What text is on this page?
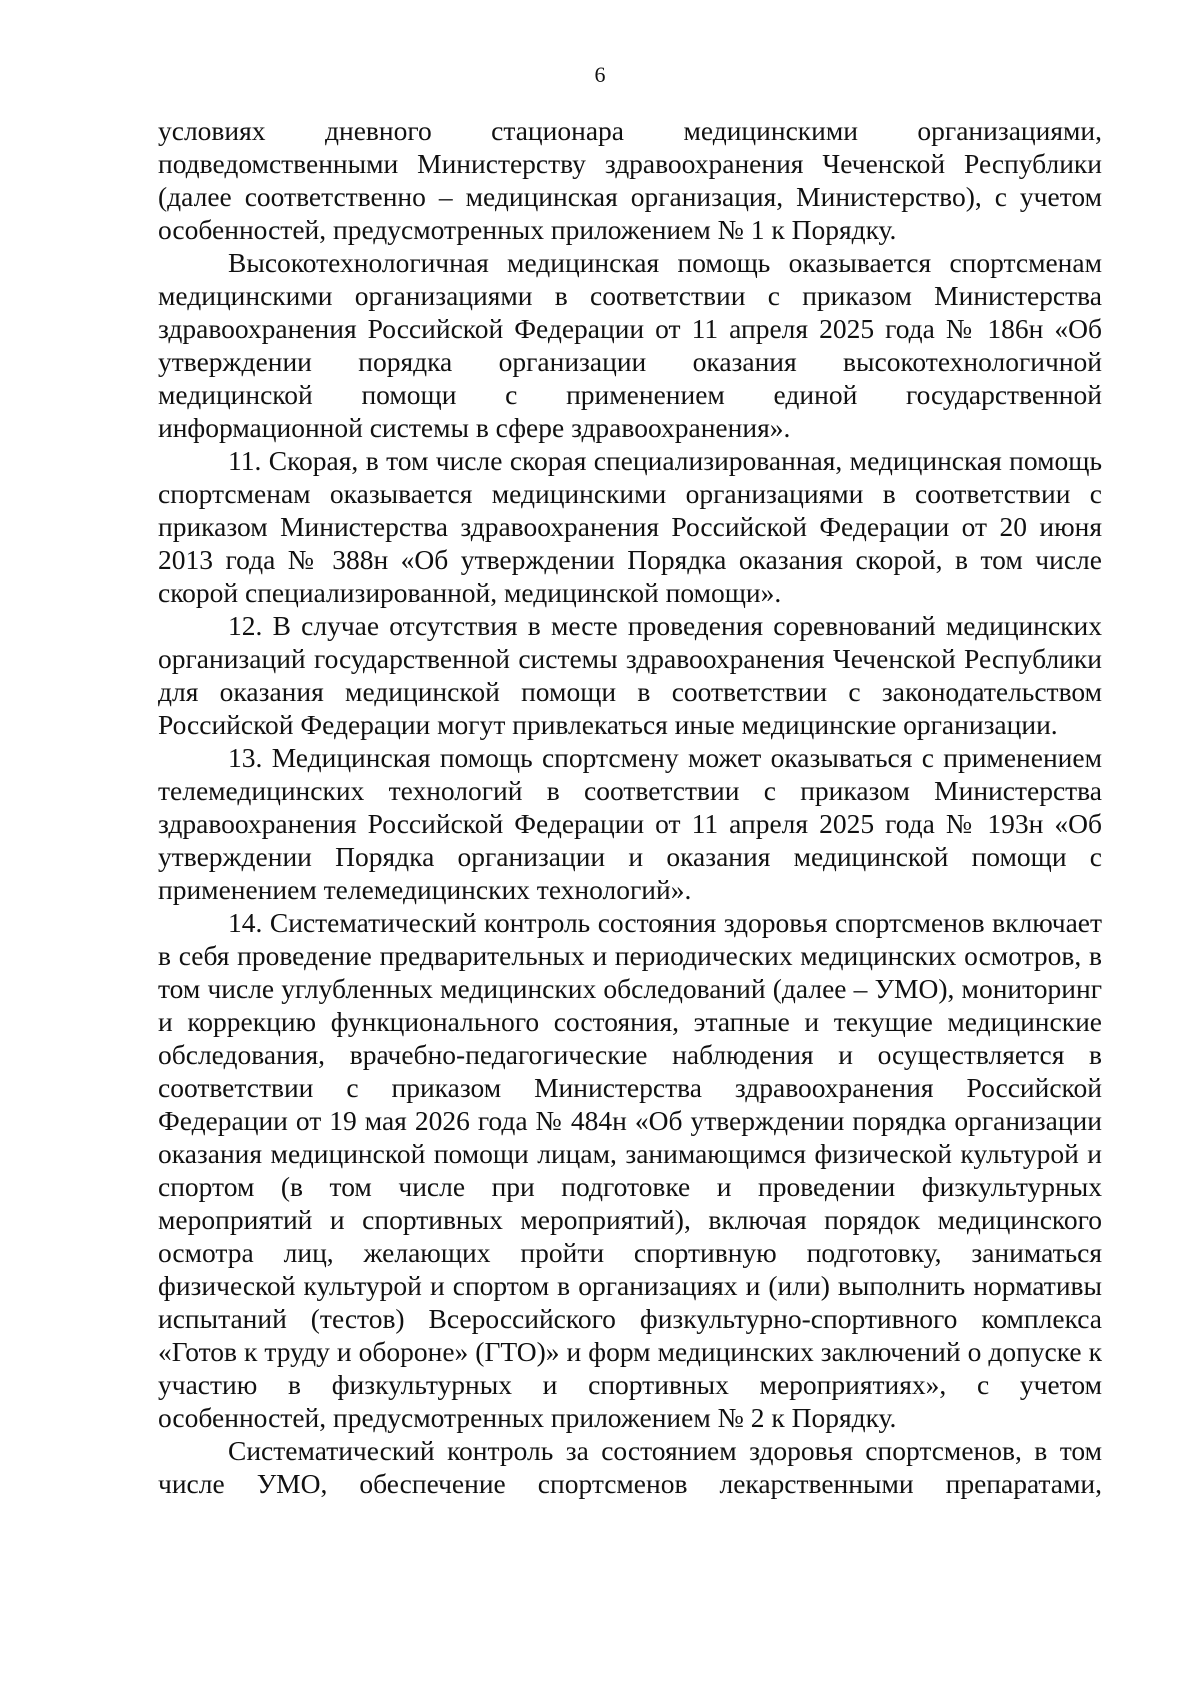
6

условиях дневного стационара медицинскими организациями, подведомственными Министерству здравоохранения Чеченской Республики (далее соответственно – медицинская организация, Министерство), с учетом особенностей, предусмотренных приложением № 1 к Порядку.

Высокотехнологичная медицинская помощь оказывается спортсменам медицинскими организациями в соответствии с приказом Министерства здравоохранения Российской Федерации от 11 апреля 2025 года № 186н «Об утверждении порядка организации оказания высокотехнологичной медицинской помощи с применением единой государственной информационной системы в сфере здравоохранения».

11. Скорая, в том числе скорая специализированная, медицинская помощь спортсменам оказывается медицинскими организациями в соответствии с приказом Министерства здравоохранения Российской Федерации от 20 июня 2013 года № 388н «Об утверждении Порядка оказания скорой, в том числе скорой специализированной, медицинской помощи».

12. В случае отсутствия в месте проведения соревнований медицинских организаций государственной системы здравоохранения Чеченской Республики для оказания медицинской помощи в соответствии с законодательством Российской Федерации могут привлекаться иные медицинские организации.

13. Медицинская помощь спортсмену может оказываться с применением телемедицинских технологий в соответствии с приказом Министерства здравоохранения Российской Федерации от 11 апреля 2025 года № 193н «Об утверждении Порядка организации и оказания медицинской помощи с применением телемедицинских технологий».

14. Систематический контроль состояния здоровья спортсменов включает в себя проведение предварительных и периодических медицинских осмотров, в том числе углубленных медицинских обследований (далее – УМО), мониторинг и коррекцию функционального состояния, этапные и текущие медицинские обследования, врачебно-педагогические наблюдения и осуществляется в соответствии с приказом Министерства здравоохранения Российской Федерации от 19 мая 2026 года № 484н «Об утверждении порядка организации оказания медицинской помощи лицам, занимающимся физической культурой и спортом (в том числе при подготовке и проведении физкультурных мероприятий и спортивных мероприятий), включая порядок медицинского осмотра лиц, желающих пройти спортивную подготовку, заниматься физической культурой и спортом в организациях и (или) выполнить нормативы испытаний (тестов) Всероссийского физкультурно-спортивного комплекса «Готов к труду и обороне» (ГТО)» и форм медицинских заключений о допуске к участию в физкультурных и спортивных мероприятиях», с учетом особенностей, предусмотренных приложением № 2 к Порядку.

Систематический контроль за состоянием здоровья спортсменов, в том числе УМО, обеспечение спортсменов лекарственными препаратами,
